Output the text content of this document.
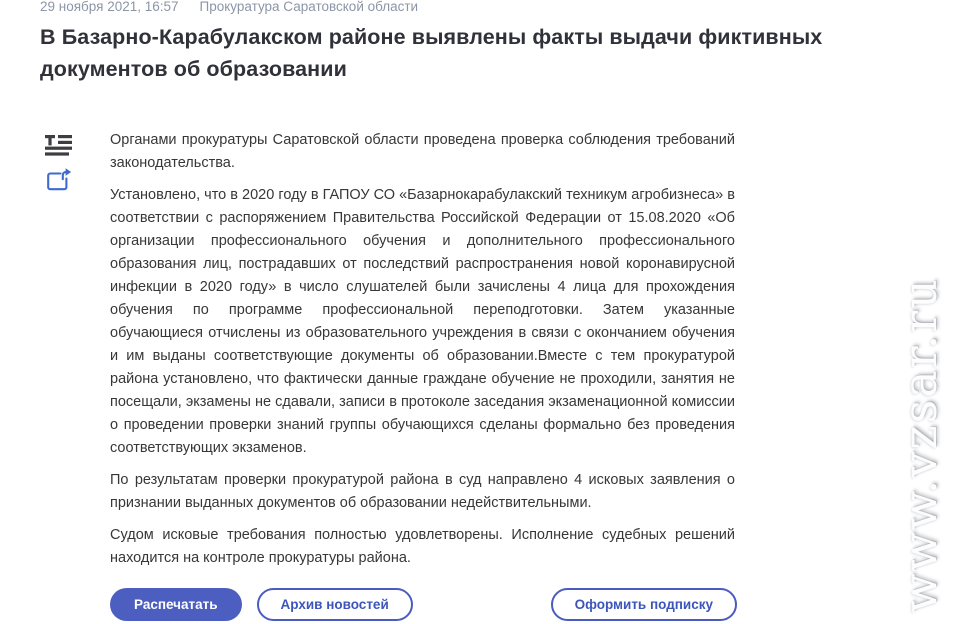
29 ноября 2021, 16:57 Прокуратура Саратовской области
В Базарно-Карабулакском районе выявлены факты выдачи фиктивных документов об образовании

Органами прокуратуры Саратовской области проведена проверка соблюдения требований законодательства.

Установлено, что в 2020 году в ГАПОУ СО «Базарнокарабулакский техникум агробизнеса» в соответствии с распоряжением Правительства Российской Федерации от 15.08.2020 «Об организации профессионального обучения и дополнительного профессионального образования лиц, пострадавших от последствий распространения новой коронавирусной инфекции в 2020 году» в число слушателей были зачислены 4 лица для прохождения обучения по программе профессиональной переподготовки. Затем указанные обучающиеся отчислены из образовательного учреждения в связи с окончанием обучения и им выданы соответствующие документы об образовании.Вместе с тем прокуратурой района установлено, что фактически данные граждане обучение не проходили, занятия не посещали, экзамены не сдавали, записи в протоколе заседания экзаменационной комиссии о проведении проверки знаний группы обучающихся сделаны формально без проведения соответствующих экзаменов.

По результатам проверки прокуратурой района в суд направлено 4 исковых заявления о признании выданных документов об образовании недействительными.

Судом исковые требования полностью удовлетворены. Исполнение судебных решений находится на контроле прокуратуры района.

Распечатать	Архив новостей	Оформить подписку	www.vzsar.ru
